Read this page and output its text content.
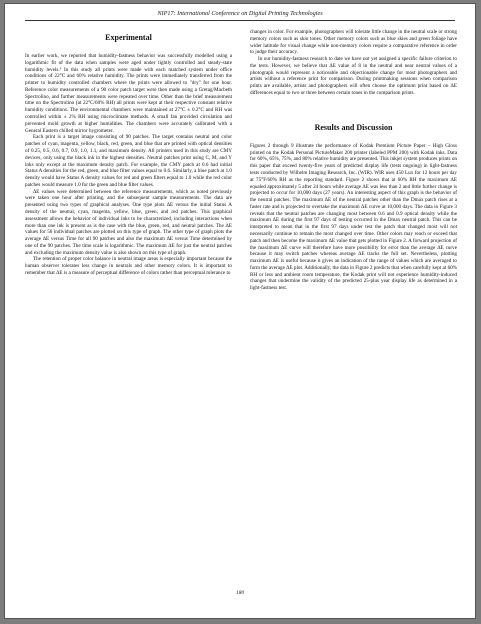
NIP17: International Conference on Digital Printing Technologies
Experimental

In earlier work, we reported that humidity-fastness behavior was successfully modelled using a logarithmic fit of the data when samples were aged under tightly controlled and steady-state humidity levels.³ In this study all prints were made with each matched system under office conditions of 22°C and 60% relative humidity. The prints were immediately transferred from the printer to humidity controlled chambers where the prints were allowed to "dry" for one hour. Reference color measurements of a 90 color patch target were then made using a Gretag/Macbeth Spectrolino, and further measurements were repeated over time. Other than the brief measurement time on the Spectrolino (at 22°C/60% RH) all prints were kept at their respective constant relative humidity conditions. The environmental chambers were maintained at 27°C ± 0.2°C and RH was controlled within ± 2% RH using microclimate methods. A small fan provided circulation and prevented mold growth at higher humidities. The chambers were accurately calibrated with a General Eastern chilled mirror hygrometer.

Each print is a target image consisting of 90 patches. The target contains neutral and color patches of cyan, magenta, yellow, black, red, green, and blue that are printed with optical densities of 0.25, 0.5, 0.6, 0.7, 0.9, 1.0, 1.1, and maximum density. All printers used in this study are CMY devices, only using the black ink in the highest densities. Neutral patches print using C, M, and Y inks only except at the maximum density patch. For example, the CMY patch at 0.6 had initial Status A densities for the red, green, and blue filter values equal to 0.6. Similarly, a blue patch at 1.0 density would have Status A density values for red and green filters equal to 1.0 while the red color patches would measure 1.0 for the green and blue filter values.

ΔE values were determined between the reference measurements, which as noted previously were taken one hour after printing, and the subsequent sample measurements. The data are presented using two types of graphical analyses. One type plots ΔE versus the initial Status A density of the neutral, cyan, magenta, yellow, blue, green, and red patches. This graphical assessment allows the behavior of individual inks to be characterized, including interactions when more than one ink is present as is the case with the blue, green, red, and neutral patches. The ΔE values for 56 individual patches are plotted on this type of graph. The other type of graph plots the average ΔE versus Time for all 90 patches and also the maximum ΔE versus Time determined by one of the 90 patches. The time scale is logarithmic. The maximum ΔE for just the neutral patches and excluding the maximum density value is also shown on this type of graph.

The retention of proper color balance in neutral image areas is especially important because the human observer tolerates less change in neutrals and other memory colors. It is important to remember that ΔE is a measure of perceptual difference of colors rather than perceptual tolerance to

changes in color. For example, photographers will tolerate little change in the neutral scale or strong memory colors such as skin tones. Other memory colors such as blue skies and green foliage have wider latitude for visual change while non-memory colors require a comparative reference in order to judge their accuracy.

In our humidity-fastness research to date we have not yet assigned a specific failure criterion to the tests. However, we believe that ΔE value of 8 in the neutral and near neutral values of a photograph would represent a noticeable and objectionable change for most photographers and artists without a reference print for comparison. During printmaking sessions when comparison prints are available, artists and photographers will often choose the optimum print based on ΔE differences equal to two or three between certain tones in the comparison prints.

Results and Discussion

Figures 2 through 9 illustrate the performance of Kodak Premium Picture Paper – High Gloss printed on the Kodak Personal PictureMaker 200 printer (labeled PPM 200) with Kodak inks. Data for 60%, 65%, 75%, and 80% relative humidity are presented. This inkjet system produces prints on this paper that exceed twenty-five years of predicted display life (tests ongoing) in light-fastness tests conducted by Wilhelm Imaging Research, Inc. (WIR). WIR uses 450 Lux for 12 hours per day at 75°F/60% RH as the reporting standard. Figure 2 shows that at 60% RH the maximum ΔE equaled approximately 5 after 24 hours while average ΔE was less than 2 and little further change is projected to occur for 10,000 days (27 years). An interesting aspect of this graph is the behavior of the neutral patches. The maximum ΔE of the neutral patches other than the Dmax patch rises at a faster rate and is projected to overtake the maximum ΔE curve at 10,000 days. The data in Figure 3 reveals that the neutral patches are changing most between 0.6 and 0.9 optical density while the maximum ΔE during the first 97 days of testing occurred in the Dmax neutral patch. This can be interpreted to mean that in the first 97 days under test the patch that changed most will not necessarily continue to remain the most changed over time. Other colors may reach or exceed that patch and then become the maximum ΔE value that gets plotted in Figure 2. A forward projection of the maximum ΔE curve will therefore have more possibility for error than the average ΔE curve because it may switch patches whereas average ΔE tracks the full set. Nevertheless, plotting maximum ΔE is useful because it gives an indication of the range of values which are averaged to form the average ΔE plot. Additionally, the data in Figure 2 predicts that when carefully kept at 60% RH or less and ambient room temperature, the Kodak print will not experience humidity-induced changes that undermine the validity of the predicted 25-plus year display life as determined in a light-fastness test.

180
